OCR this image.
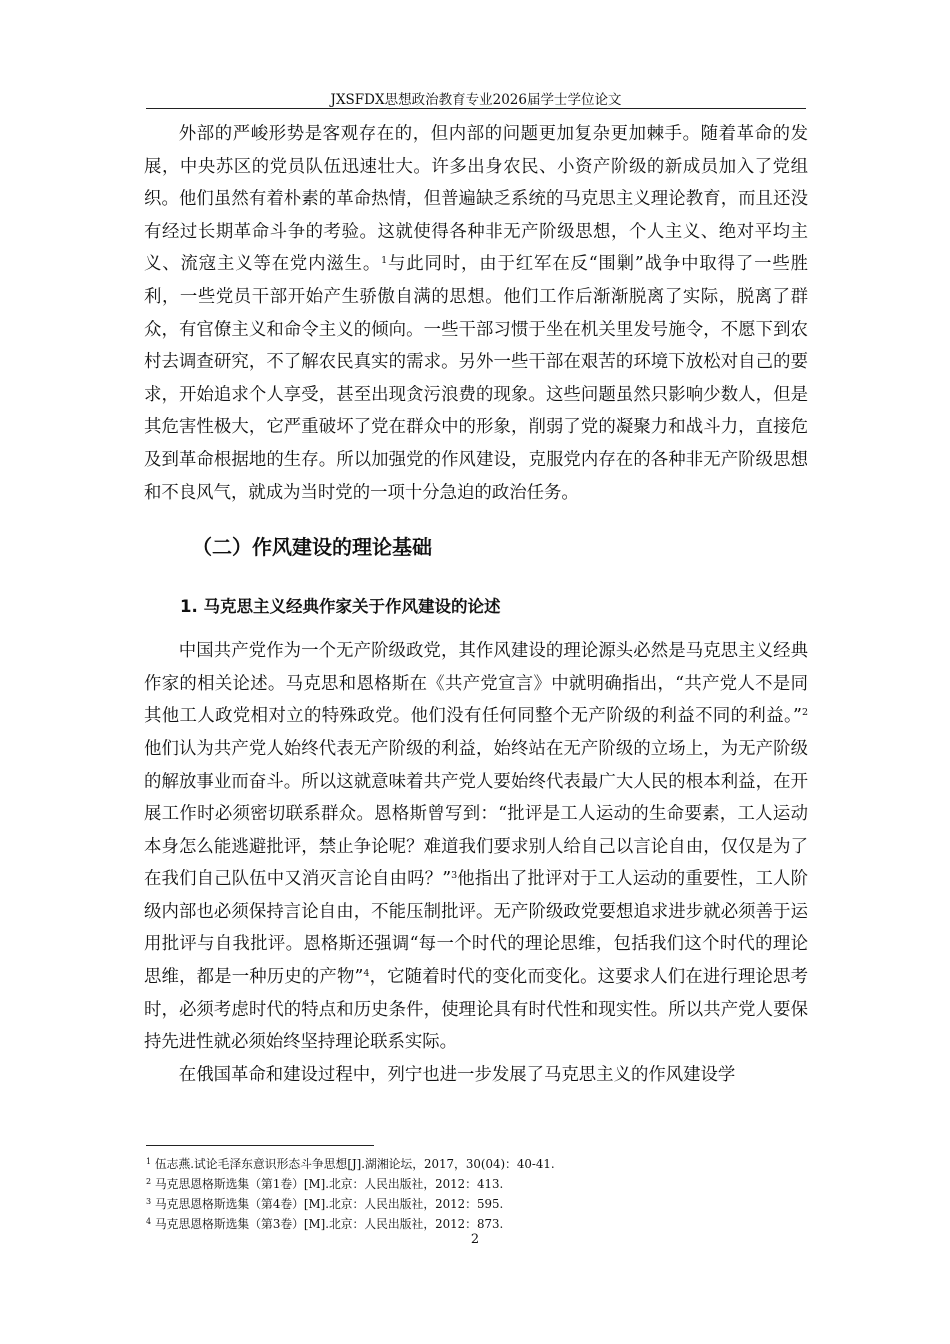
JXSFDX思想政治教育专业2026届学士学位论文

外部的严峻形势是客观存在的，但内部的问题更加复杂更加棘手。随着革命的发展，中央苏区的党员队伍迅速壮大。许多出身农民、小资产阶级的新成员加入了党组织。他们虽然有着朴素的革命热情，但普遍缺乏系统的马克思主义理论教育，而且还没有经过长期革命斗争的考验。这就使得各种非无产阶级思想，个人主义、绝对平均主义、流寇主义等在党内滋生。$^1$与此同时，由于红军在反“围剿”战争中取得了一些胜利，一些党员干部开始产生骄傲自满的思想。他们工作后渐渐脱离了实际，脱离了群众，有官僚主义和命令主义的倾向。一些干部习惯于坐在机关里发号施令，不愿下到农村去调查研究，不了解农民真实的需求。另外一些干部在艰苦的环境下放松对自己的要求，开始追求个人享受，甚至出现贪污浪费的现象。这些问题虽然只影响少数人，但是其危害性极大，它严重破坏了党在群众中的形象，削弱了党的凝聚力和战斗力，直接危及到革命根据地的生存。所以加强党的作风建设，克服党内存在的各种非无产阶级思想和不良风气，就成为当时党的一项十分急迫的政治任务。

（二）作风建设的理论基础
1. 马克思主义经典作家关于作风建设的论述

中国共产党作为一个无产阶级政党，其作风建设的理论源头必然是马克思主义经典作家的相关论述。马克思和恩格斯在《共产党宣言》中就明确指出，“共产党人不是同其他工人政党相对立的特殊政党。他们没有任何同整个无产阶级的利益不同的利益。”$^2$他们认为共产党人始终代表无产阶级的利益，始终站在无产阶级的立场上，为无产阶级的解放事业而奋斗。所以这就意味着共产党人要始终代表最广大人民的根本利益，在开展工作时必须密切联系群众。恩格斯曾写到：“批评是工人运动的生命要素，工人运动本身怎么能逃避批评，禁止争论呢？难道我们要求别人给自己以言论自由，仅仅是为了在我们自己队伍中又消灭言论自由吗？”$^3$他指出了批评对于工人运动的重要性，工人阶级内部也必须保持言论自由，不能压制批评。无产阶级政党要想追求进步就必须善于运用批评与自我批评。恩格斯还强调“每一个时代的理论思维，包括我们这个时代的理论思维，都是一种历史的产物”$^4$，它随着时代的变化而变化。这要求人们在进行理论思考时，必须考虑时代的特点和历史条件，使理论具有时代性和现实性。所以共产党人要保持先进性就必须始终坚持理论联系实际。

在俄国革命和建设过程中，列宁也进一步发展了马克思主义的作风建设学

$^1$ 伍志燕.试论毛泽东意识形态斗争思想[J].湖湘论坛，2017，30(04)：40-41.
$^2$ 马克思恩格斯选集（第1卷）[M].北京：人民出版社，2012：413.
$^3$ 马克思恩格斯选集（第4卷）[M].北京：人民出版社，2012：595.
$^4$ 马克思恩格斯选集（第3卷）[M].北京：人民出版社，2012：873.
2
